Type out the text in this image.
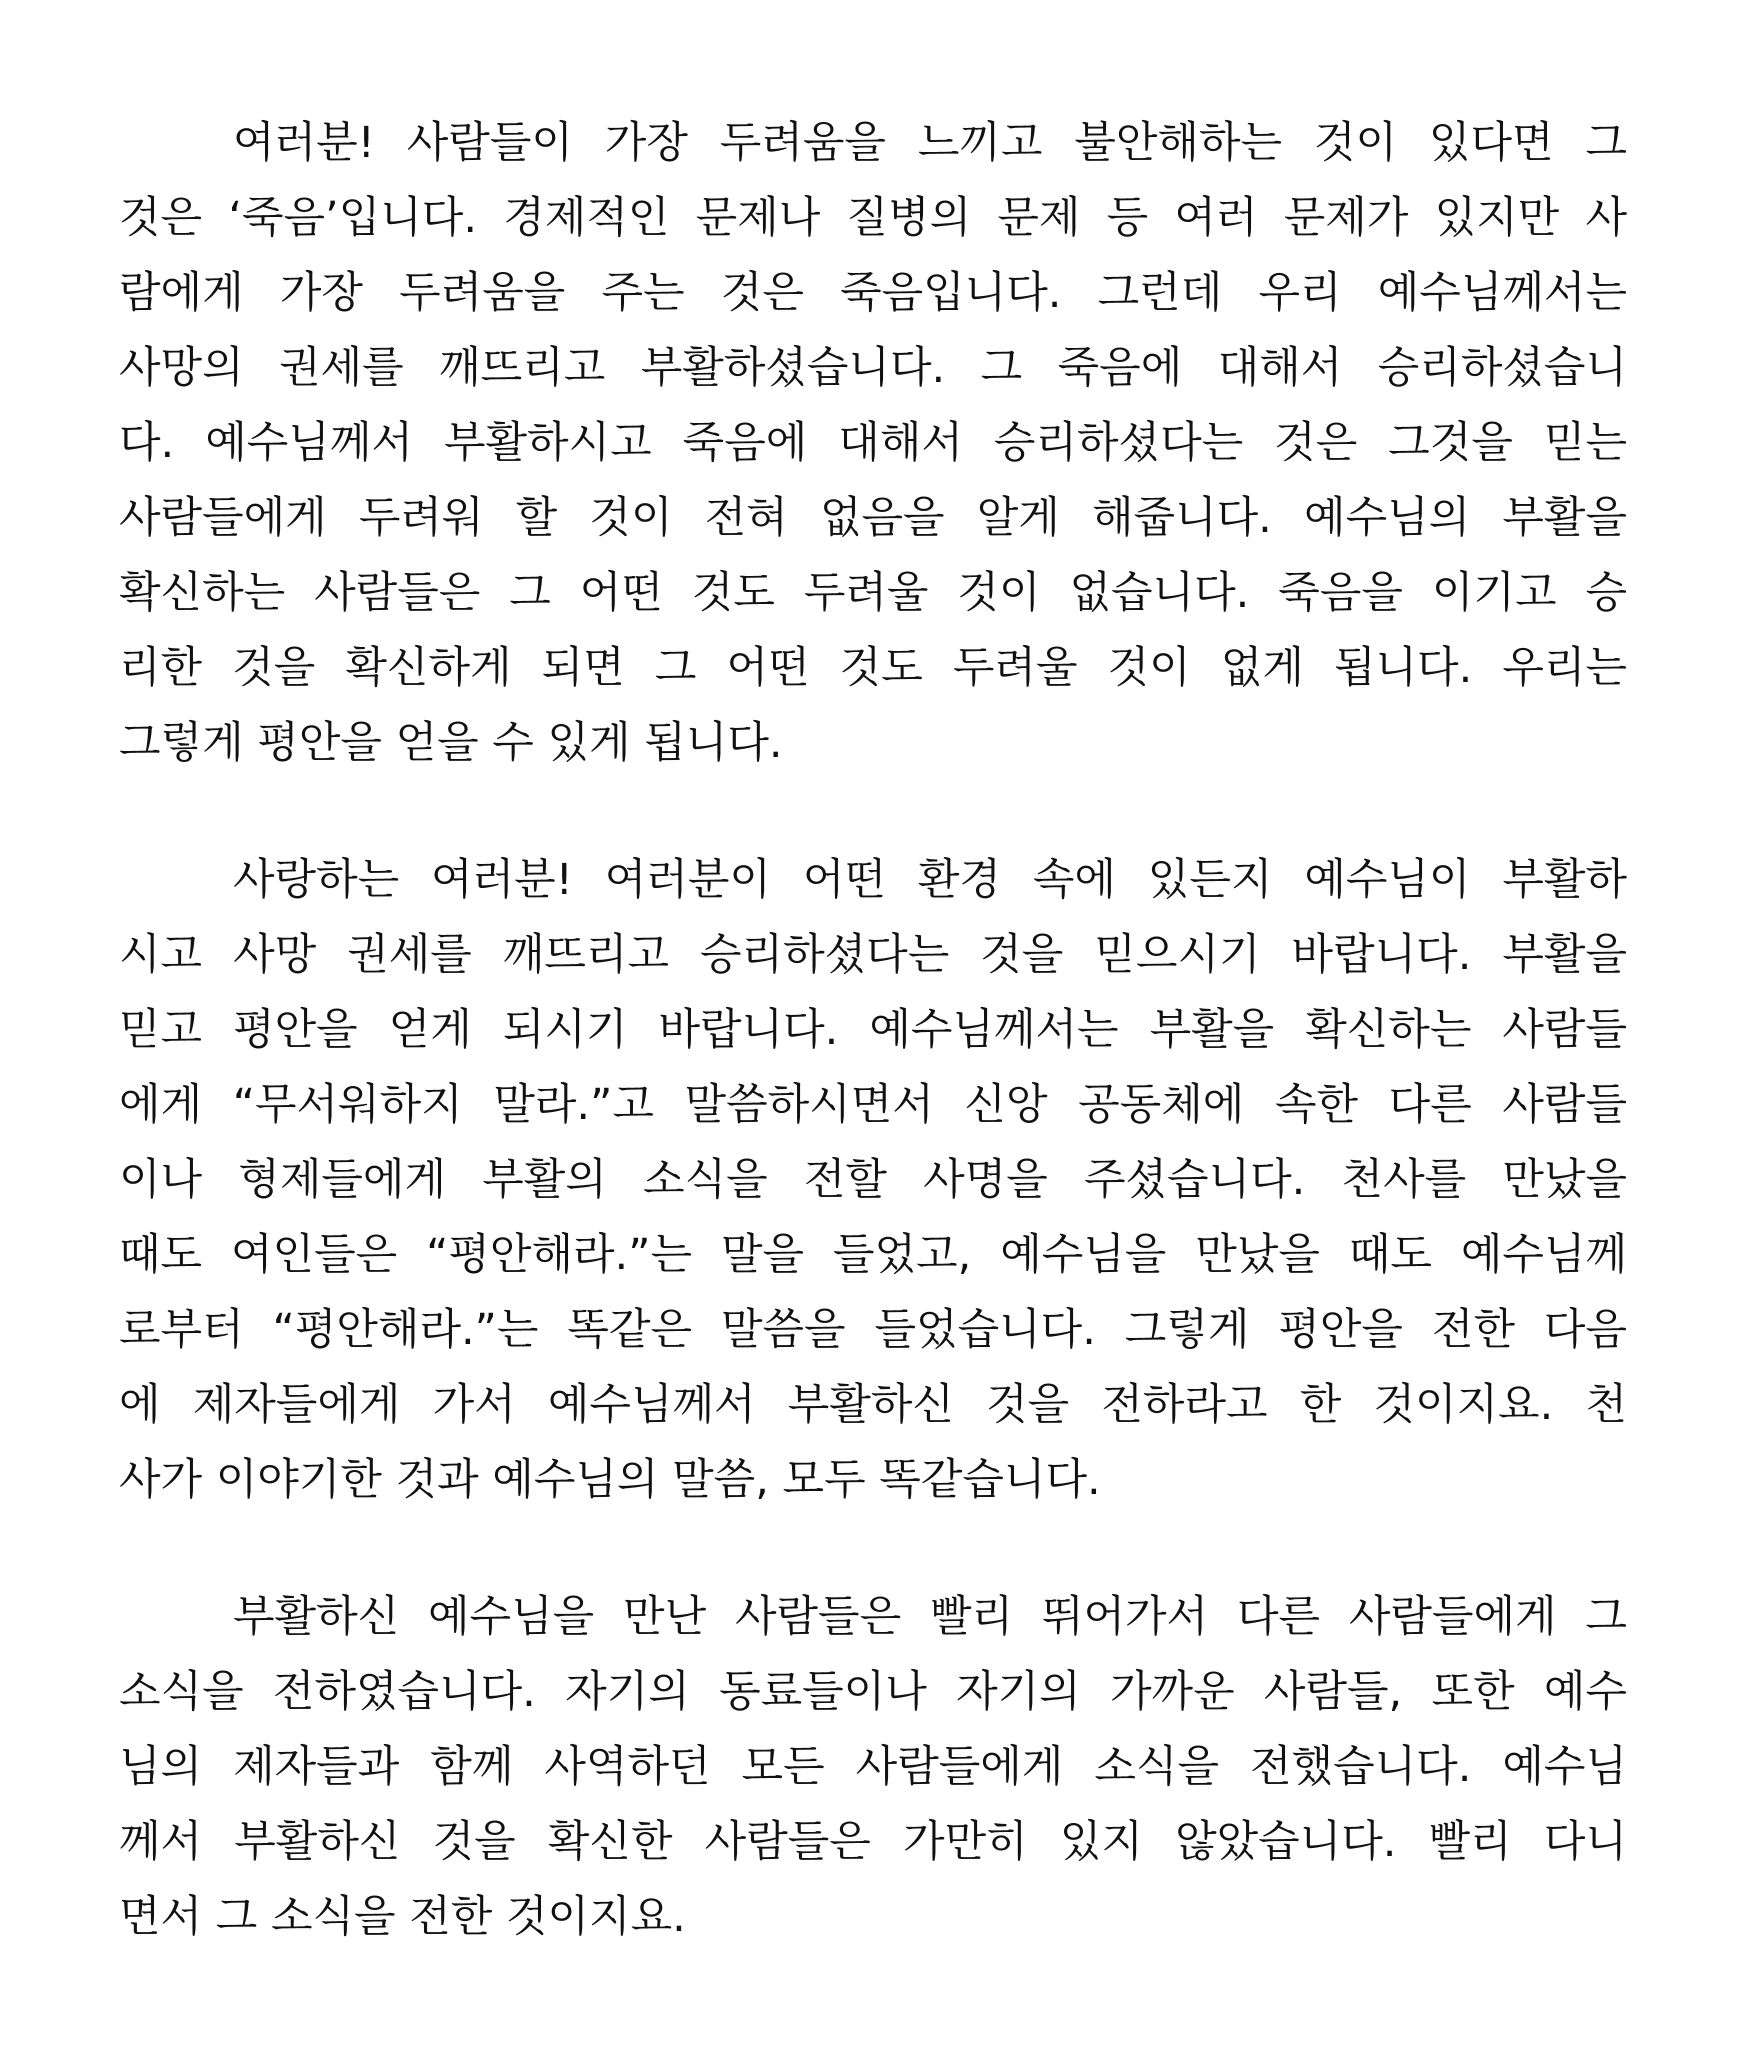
여러분! 사람들이 가장 두려움을 느끼고 불안해하는 것이 있다면 그
것은 ‘죽음’입니다. 경제적인 문제나 질병의 문제 등 여러 문제가 있지만 사
람에게 가장 두려움을 주는 것은 죽음입니다. 그런데 우리 예수님께서는
사망의 권세를 깨뜨리고 부활하셨습니다. 그 죽음에 대해서 승리하셨습니
다. 예수님께서 부활하시고 죽음에 대해서 승리하셨다는 것은 그것을 믿는
사람들에게 두려워 할 것이 전혀 없음을 알게 해줍니다. 예수님의 부활을
확신하는 사람들은 그 어떤 것도 두려울 것이 없습니다. 죽음을 이기고 승
리한 것을 확신하게 되면 그 어떤 것도 두려울 것이 없게 됩니다. 우리는
그렇게 평안을 얻을 수 있게 됩니다.
사랑하는 여러분! 여러분이 어떤 환경 속에 있든지 예수님이 부활하
시고 사망 권세를 깨뜨리고 승리하셨다는 것을 믿으시기 바랍니다. 부활을
믿고 평안을 얻게 되시기 바랍니다. 예수님께서는 부활을 확신하는 사람들
에게 “무서워하지 말라.”고 말씀하시면서 신앙 공동체에 속한 다른 사람들
이나 형제들에게 부활의 소식을 전할 사명을 주셨습니다. 천사를 만났을
때도 여인들은 “평안해라.”는 말을 들었고, 예수님을 만났을 때도 예수님께
로부터 “평안해라.”는 똑같은 말씀을 들었습니다. 그렇게 평안을 전한 다음
에 제자들에게 가서 예수님께서 부활하신 것을 전하라고 한 것이지요. 천
사가 이야기한 것과 예수님의 말씀, 모두 똑같습니다.
부활하신 예수님을 만난 사람들은 빨리 뛰어가서 다른 사람들에게 그
소식을 전하였습니다. 자기의 동료들이나 자기의 가까운 사람들, 또한 예수
님의 제자들과 함께 사역하던 모든 사람들에게 소식을 전했습니다. 예수님
께서 부활하신 것을 확신한 사람들은 가만히 있지 않았습니다. 빨리 다니
면서 그 소식을 전한 것이지요.
